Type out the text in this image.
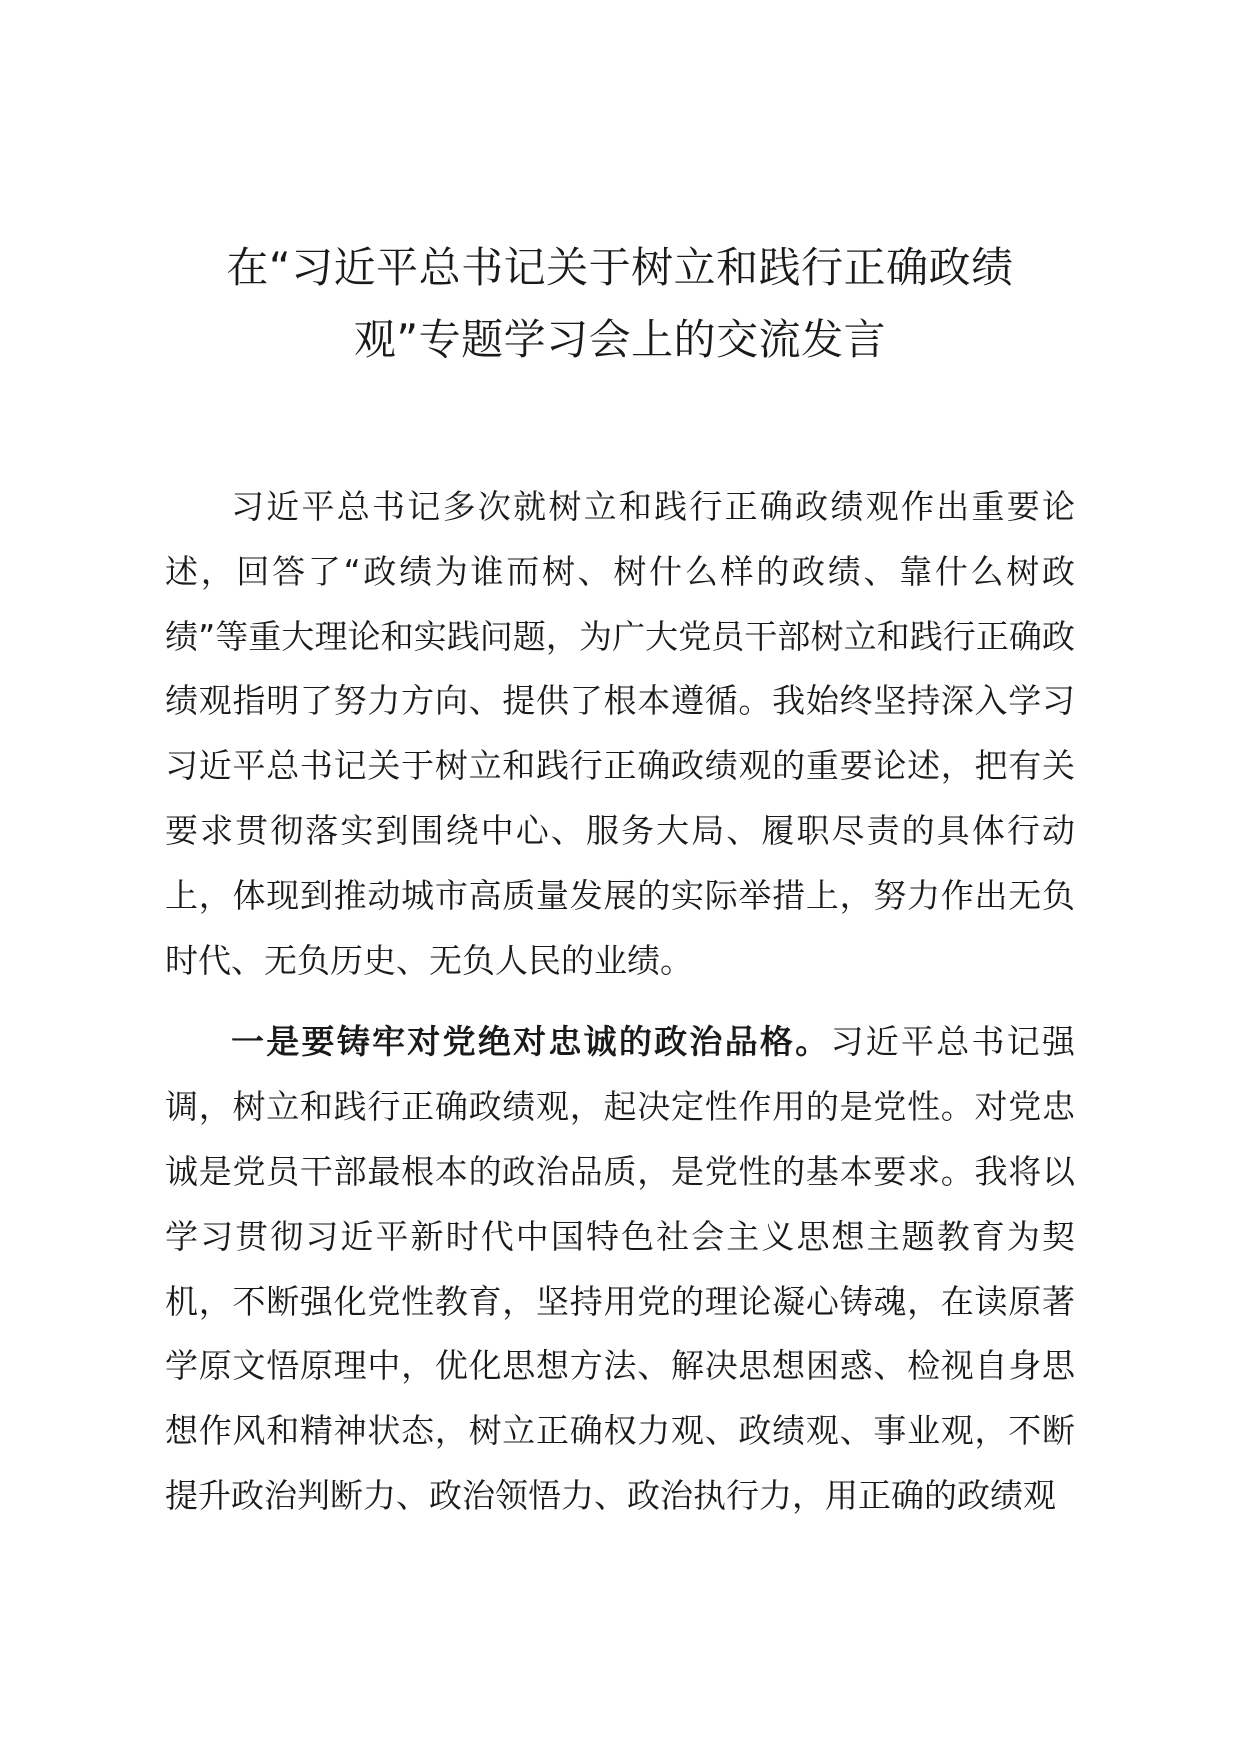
在“习近平总书记关于树立和践行正确政绩
观”专题学习会上的交流发言

习近平总书记多次就树立和践行正确政绩观作出重要论述，回答了“政绩为谁而树、树什么样的政绩、靠什么树政绩”等重大理论和实践问题，为广大党员干部树立和践行正确政绩观指明了努力方向、提供了根本遵循。我始终坚持深入学习习近平总书记关于树立和践行正确政绩观的重要论述，把有关要求贯彻落实到围绕中心、服务大局、履职尽责的具体行动上，体现到推动城市高质量发展的实际举措上，努力作出无负时代、无负历史、无负人民的业绩。

一是要铸牢对党绝对忠诚的政治品格。习近平总书记强调，树立和践行正确政绩观，起决定性作用的是党性。对党忠诚是党员干部最根本的政治品质，是党性的基本要求。我将以学习贯彻习近平新时代中国特色社会主义思想主题教育为契机，不断强化党性教育，坚持用党的理论凝心铸魂，在读原著学原文悟原理中，优化思想方法、解决思想困惑、检视自身思想作风和精神状态，树立正确权力观、政绩观、事业观，不断提升政治判断力、政治领悟力、政治执行力，用正确的政绩观
